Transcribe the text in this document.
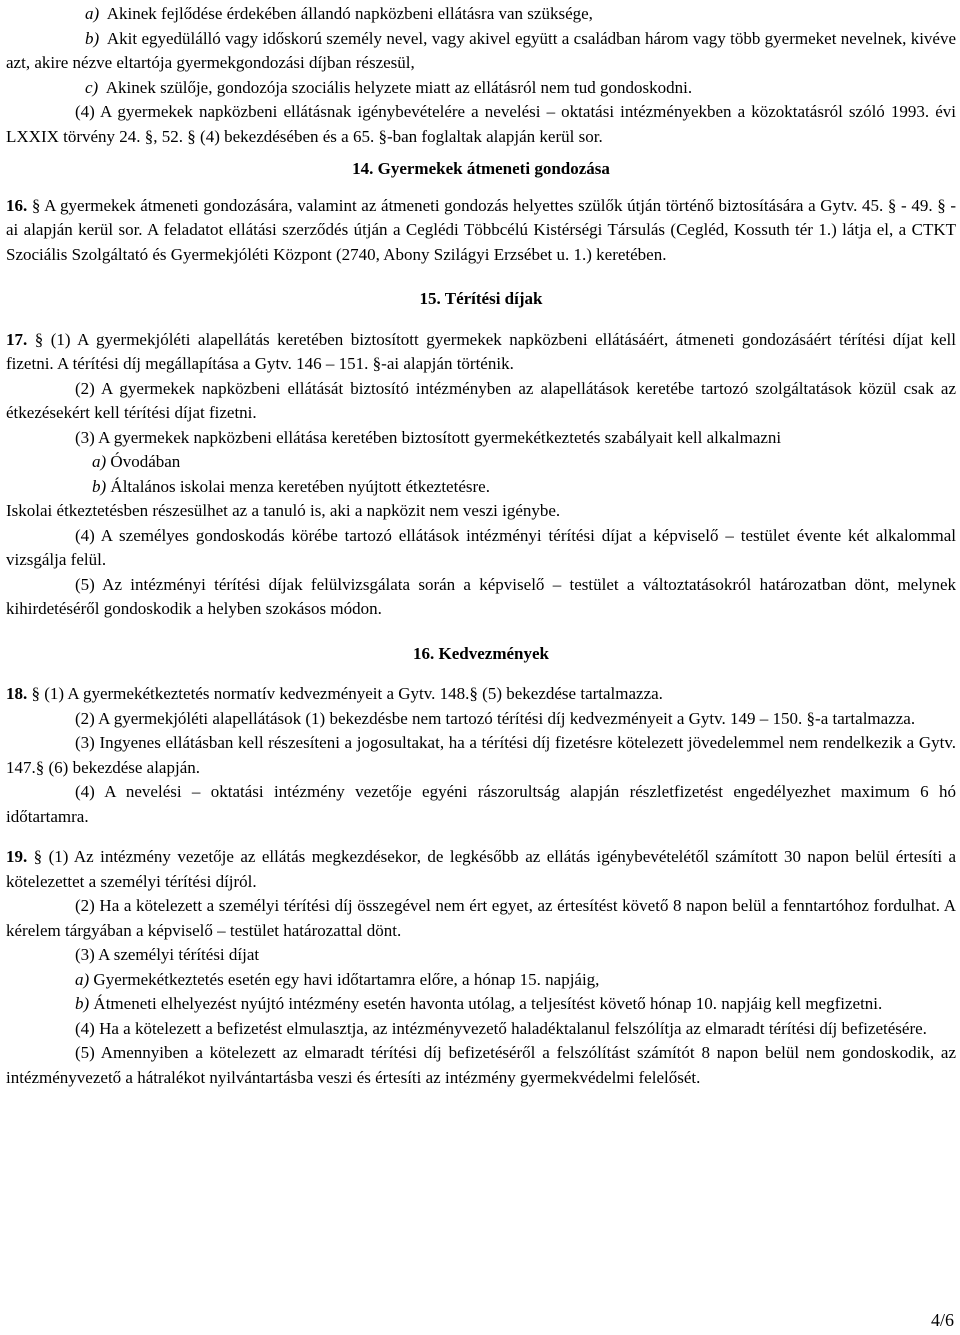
a) Akinek fejlődése érdekében állandó napközbeni ellátásra van szüksége,

b) Akit egyedülálló vagy időskorú személy nevel, vagy akivel együtt a családban három vagy több gyermeket nevelnek, kivéve azt, akire nézve eltartója gyermekgondozási díjban részesül,

c) Akinek szülője, gondozója szociális helyzete miatt az ellátásról nem tud gondoskodni.

(4) A gyermekek napközbeni ellátásnak igénybevételére a nevelési – oktatási intézményekben a közoktatásról szóló 1993. évi LXXIX törvény 24. §, 52. § (4) bekezdésében és a 65. §-ban foglaltak alapján kerül sor.

14. Gyermekek átmeneti gondozása

16. § A gyermekek átmeneti gondozására, valamint az átmeneti gondozás helyettes szülők útján történő biztosítására a Gytv. 45. § - 49. § - ai alapján kerül sor. A feladatot ellátási szerződés útján a Ceglédi Többcélú Kistérségi Társulás (Cegléd, Kossuth tér 1.) látja el, a CTKT Szociális Szolgáltató és Gyermekjóléti Központ (2740, Abony Szilágyi Erzsébet u. 1.) keretében.

15. Térítési díjak

17. § (1) A gyermekjóléti alapellátás keretében biztosított gyermekek napközbeni ellátásáért, átmeneti gondozásáért térítési díjat kell fizetni. A térítési díj megállapítása a Gytv. 146 – 151. §-ai alapján történik.

(2) A gyermekek napközbeni ellátását biztosító intézményben az alapellátások keretébe tartozó szolgáltatások közül csak az étkezésekért kell térítési díjat fizetni.

(3) A gyermekek napközbeni ellátása keretében biztosított gyermekétkeztetés szabályait kell alkalmazni

a) Óvodában

b) Általános iskolai menza keretében nyújtott étkeztetésre.

Iskolai étkeztetésben részesülhet az a tanuló is, aki a napközit nem veszi igénybe.

(4) A személyes gondoskodás körébe tartozó ellátások intézményi térítési díjat a képviselő – testület évente két alkalommal vizsgálja felül.

(5) Az intézményi térítési díjak felülvizsgálata során a képviselő – testület a változtatásokról határozatban dönt, melynek kihirdetéséről gondoskodik a helyben szokásos módon.

16. Kedvezmények

18. § (1) A gyermekétkeztetés normatív kedvezményeit a Gytv. 148.§ (5) bekezdése tartalmazza.

(2) A gyermekjóléti alapellátások (1) bekezdésbe nem tartozó térítési díj kedvezményeit a Gytv. 149 – 150. §-a tartalmazza.

(3) Ingyenes ellátásban kell részesíteni a jogosultakat, ha a térítési díj fizetésre kötelezett jövedelemmel nem rendelkezik a Gytv. 147.§ (6) bekezdése alapján.

(4) A nevelési – oktatási intézmény vezetője egyéni rászorultság alapján részletfizetést engedélyezhet maximum 6 hó időtartamra.

19. § (1) Az intézmény vezetője az ellátás megkezdésekor, de legkésőbb az ellátás igénybevételétől számított 30 napon belül értesíti a kötelezettet a személyi térítési díjról.

(2) Ha a kötelezett a személyi térítési díj összegével nem ért egyet, az értesítést követő 8 napon belül a fenntartóhoz fordulhat. A kérelem tárgyában a képviselő – testület határozattal dönt.

(3) A személyi térítési díjat

a) Gyermekétkeztetés esetén egy havi időtartamra előre, a hónap 15. napjáig,

b) Átmeneti elhelyezést nyújtó intézmény esetén havonta utólag, a teljesítést követő hónap 10. napjáig kell megfizetni.

(4) Ha a kötelezett a befizetést elmulasztja, az intézményvezető haladéktalanul felszólítja az elmaradt térítési díj befizetésére.

(5) Amennyiben a kötelezett az elmaradt térítési díj befizetéséről a felszólítást számítót 8 napon belül nem gondoskodik, az intézményvezető a hátralékot nyilvántartásba veszi és értesíti az intézmény gyermekvédelmi felelősét.

4/6
